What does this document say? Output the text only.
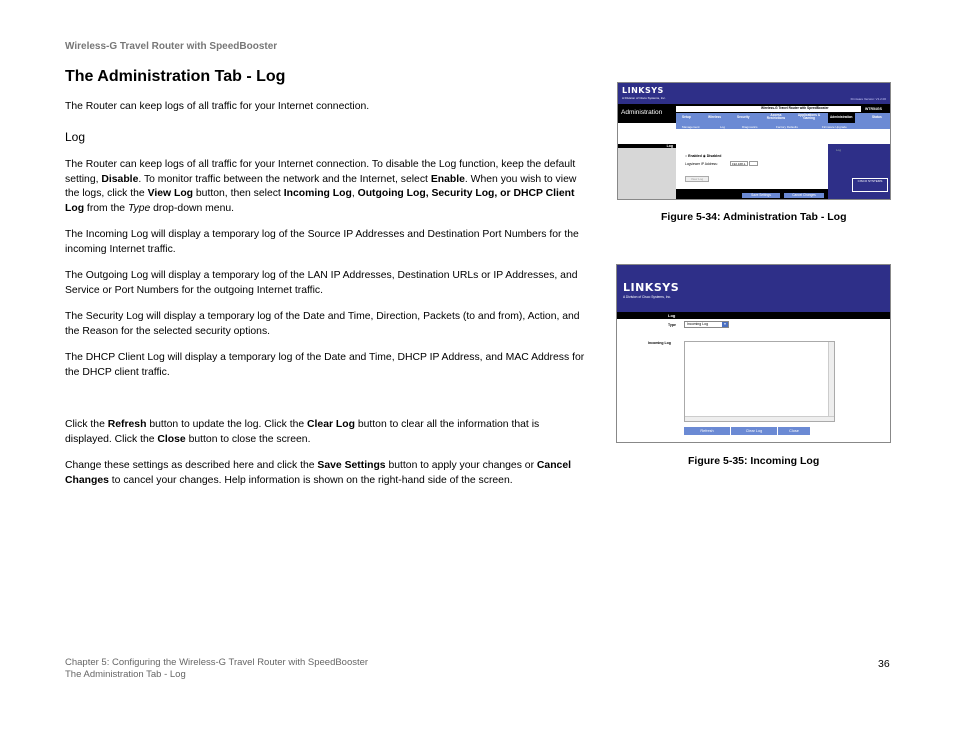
Wireless-G Travel Router with SpeedBooster
The Administration Tab - Log
The Router can keep logs of all traffic for your Internet connection.
Log
The Router can keep logs of all traffic for your Internet connection. To disable the Log function, keep the default setting, Disable. To monitor traffic between the network and the Internet, select Enable. When you wish to view the logs, click the View Log button, then select Incoming Log, Outgoing Log, Security Log, or DHCP Client Log from the Type drop-down menu.
The Incoming Log will display a temporary log of the Source IP Addresses and Destination Port Numbers for the incoming Internet traffic.
The Outgoing Log will display a temporary log of the LAN IP Addresses, Destination URLs or IP Addresses, and Service or Port Numbers for the outgoing Internet traffic.
The Security Log will display a temporary log of the Date and Time, Direction, Packets (to and from), Action, and the Reason for the selected security options.
The DHCP Client Log will display a temporary log of the Date and Time, DHCP IP Address, and MAC Address for the DHCP client traffic.
Click the Refresh button to update the log. Click the Clear Log button to clear all the information that is displayed. Click the Close button to close the screen.
Change these settings as described here and click the Save Settings button to apply your changes or Cancel Changes to cancel your changes. Help information is shown on the right-hand side of the screen.
LINKSYS
A Division of Cisco Systems, Inc.	Firmware Version: V1.2.00
Administration
Wireless-G Travel Router with SpeedBooster	WTR54GS
Setup	Wireless	Security	Access Restrictions
Applications & Gaming	Administration	Status
Management	Log	Diagnostics	Factory Defaults	Firmware Upgrade
Log
Log
CISCO SYSTEMS
○ Enabled ◉ Disabled
Logviewer IP Address:	192.168.1.
View Log
Save Settings	Cancel Changes
Figure 5-34: Administration Tab - Log
LINKSYS
A Division of Cisco Systems, Inc.
Log
Type	Incoming Log	▼
Incoming Log
Refresh	Clear Log	Close
Figure 5-35: Incoming Log
Chapter 5: Configuring the Wireless-G Travel Router with SpeedBooster
The Administration Tab - Log
36
